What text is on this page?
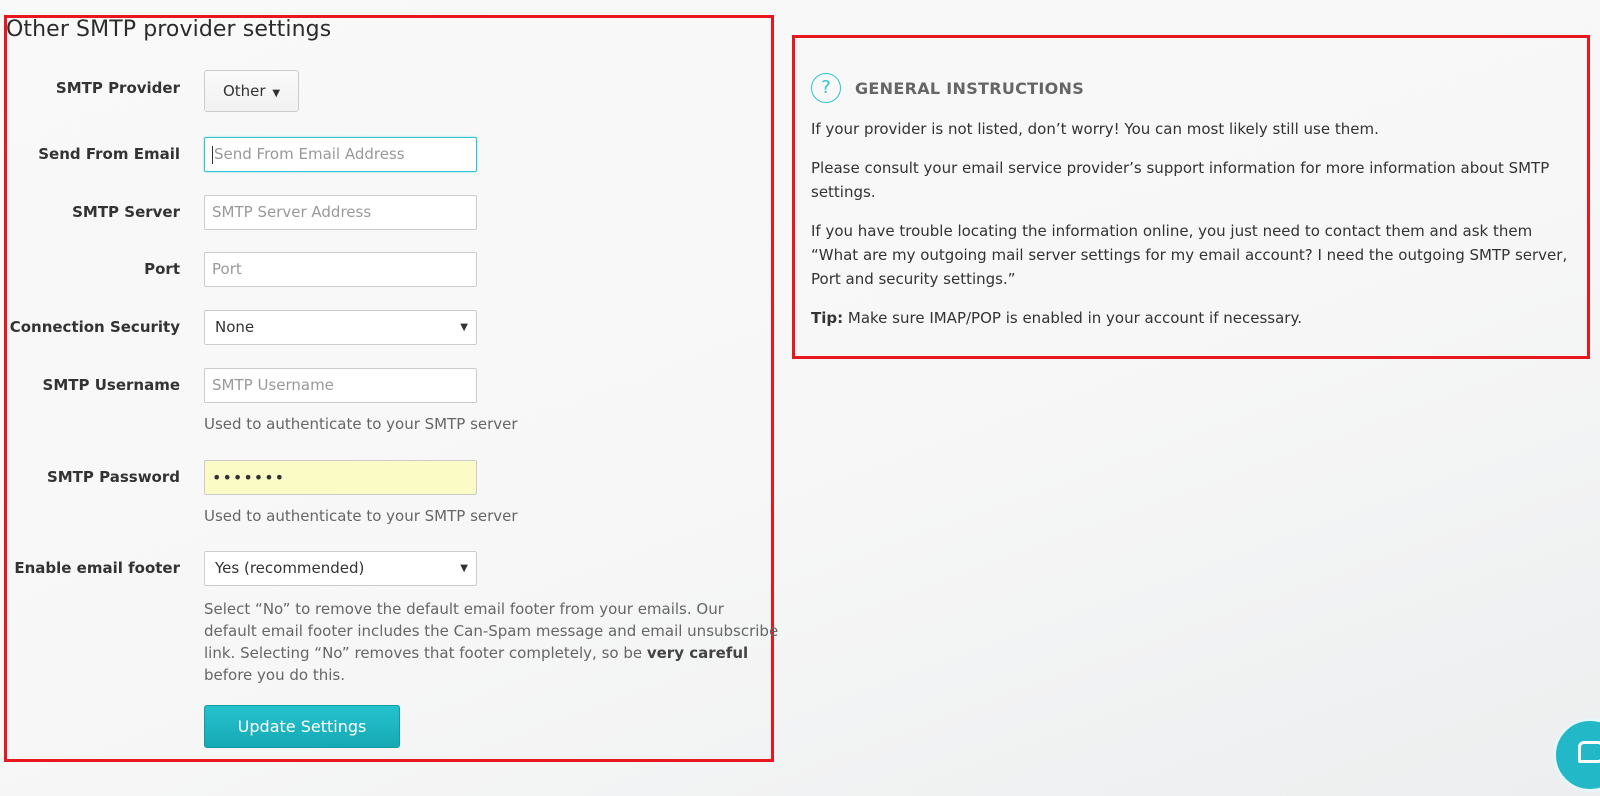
Other SMTP provider settings
SMTP Provider	Other ▼
Send From Email	Send From Email Address
SMTP Server	SMTP Server Address
Port	Port
Connection Security	None	▼
SMTP Username	SMTP Username
Used to authenticate to your SMTP server
SMTP Password	•••••••
Used to authenticate to your SMTP server
Enable email footer	Yes (recommended)	▼
Select “No” to remove the default email footer from your emails. Our default email footer includes the Can-Spam message and email unsubscribe link. Selecting “No” removes that footer completely, so be very careful before you do this.
Update Settings
?	GENERAL INSTRUCTIONS

If your provider is not listed, don’t worry! You can most likely still use them.

Please consult your email service provider’s support information for more information about SMTP settings.

If you have trouble locating the information online, you just need to contact them and ask them “What are my outgoing mail server settings for my email account? I need the outgoing SMTP server, Port and security settings.”

Tip: Make sure IMAP/POP is enabled in your account if necessary.
